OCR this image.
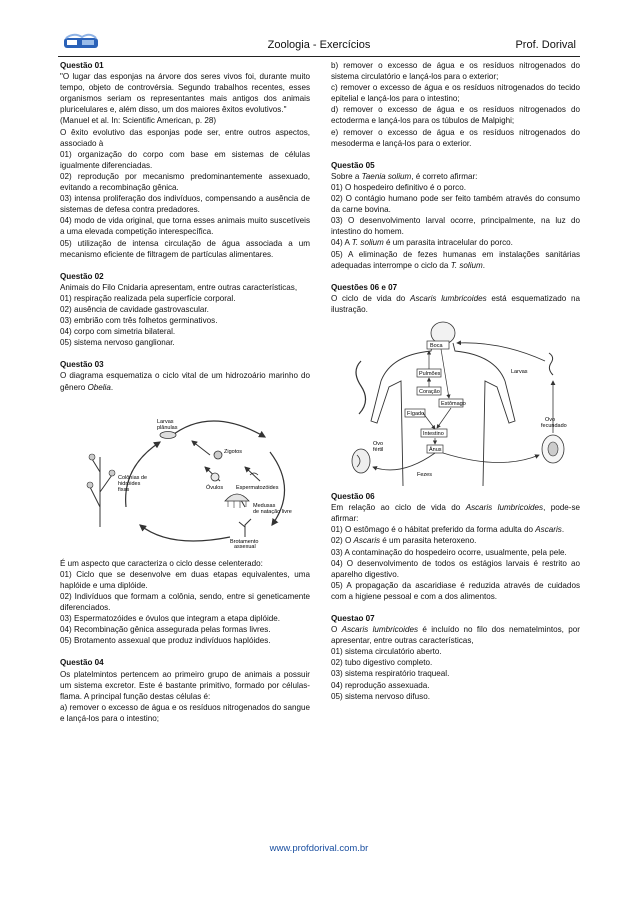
Zoologia - Exercícios	Prof. Dorival

Questão 01

"O lugar das esponjas na árvore dos seres vivos foi, durante muito tempo, objeto de controvérsia. Segundo trabalhos recentes, esses organismos seriam os representantes mais antigos dos animais pluricelulares e, além disso, um dos maiores êxitos evolutivos."

(Manuel et al. In: Scientific American, p. 28)

O êxito evolutivo das esponjas pode ser, entre outros aspectos, associado à

01) organização do corpo com base em sistemas de células igualmente diferenciadas.

02) reprodução por mecanismo predominantemente assexuado, evitando a recombinação gênica.

03) intensa proliferação dos indivíduos, compensando a ausência de sistemas de defesa contra predadores.

04) modo de vida original, que torna esses animais muito suscetíveis a uma elevada competição interespecífica.

05) utilização de intensa circulação de água associada a um mecanismo eficiente de filtragem de partículas alimentares.

Questão 02

Animais do Filo Cnidaria apresentam, entre outras características,

01) respiração realizada pela superfície corporal.

02) ausência de cavidade gastrovascular.

03) embrião com três folhetos germinativos.

04) corpo com simetria bilateral.

05) sistema nervoso ganglionar.

Questão 03

O diagrama esquematiza o ciclo vital de um hidrozoário marinho do gênero Obelia.

Larvas
plânulas
Zigotos
Colônias de
hidróides
fixas	Óvulos Espermatozóides
Medusas
de natação livre
Brotamento
assexual

É um aspecto que caracteriza o ciclo desse celenterado:

01) Ciclo que se desenvolve em duas etapas equivalentes, uma haplóide e uma diplóide.

02) Indivíduos que formam a colônia, sendo, entre si geneticamente diferenciados.

03) Espermatozóides e óvulos que integram a etapa diplóide.

04) Recombinação gênica assegurada pelas formas livres.

05) Brotamento assexual que produz indivíduos haplóides.

Questão 04

Os platelmintos pertencem ao primeiro grupo de animais a possuir um sistema excretor. Este é bastante primitivo, formado por células-flama. A principal função destas células é:

a) remover o excesso de água e os resíduos nitrogenados do sangue e lançá-los para o intestino;

b) remover o excesso de água e os resíduos nitrogenados do sistema circulatório e lançá-los para o exterior;

c) remover o excesso de água e os resíduos nitrogenados do tecido epitelial e lançá-los para o intestino;

d) remover o excesso de água e os resíduos nitrogenados do ectoderma e lançá-los para os túbulos de Malpighi;

e) remover o excesso de água e os resíduos nitrogenados do mesoderma e lançá-los para o exterior.

Questão 05

Sobre a Taenia solium, é correto afirmar:

01) O hospedeiro definitivo é o porco.

02) O contágio humano pode ser feito também através do consumo da carne bovina.

03) O desenvolvimento larval ocorre, principalmente, na luz do intestino do homem.

04) A T. solium é um parasita intracelular do porco.

05) A eliminação de fezes humanas em instalações sanitárias adequadas interrompe o ciclo da T. solium.

Questões 06 e 07

O ciclo de vida do Ascaris lumbricoides está esquematizado na ilustração.

Boca
Pulmões
Coração
Estômago
Fígado
Intestino
Ânus
Fezes
Larvas
Ovo
fértil
Ovo
fecundado

Questão 06

Em relação ao ciclo de vida do Ascaris lumbricoides, pode-se afirmar:

01) O estômago é o hábitat preferido da forma adulta do Ascaris.

02) O Ascaris é um parasita heteroxeno.

03) A contaminação do hospedeiro ocorre, usualmente, pela pele.

04) O desenvolvimento de todos os estágios larvais é restrito ao aparelho digestivo.

05) A propagação da ascaridiase é reduzida através de cuidados com a higiene pessoal e com a dos alimentos.

Questao 07

O Ascaris lumbricoides é incluído no filo dos nematelmintos, por apresentar, entre outras características,

01) sistema circulatório aberto.

02) tubo digestivo completo.

03) sistema respiratório traqueal.

04) reprodução assexuada.

05) sistema nervoso difuso.

www.profdorival.com.br
